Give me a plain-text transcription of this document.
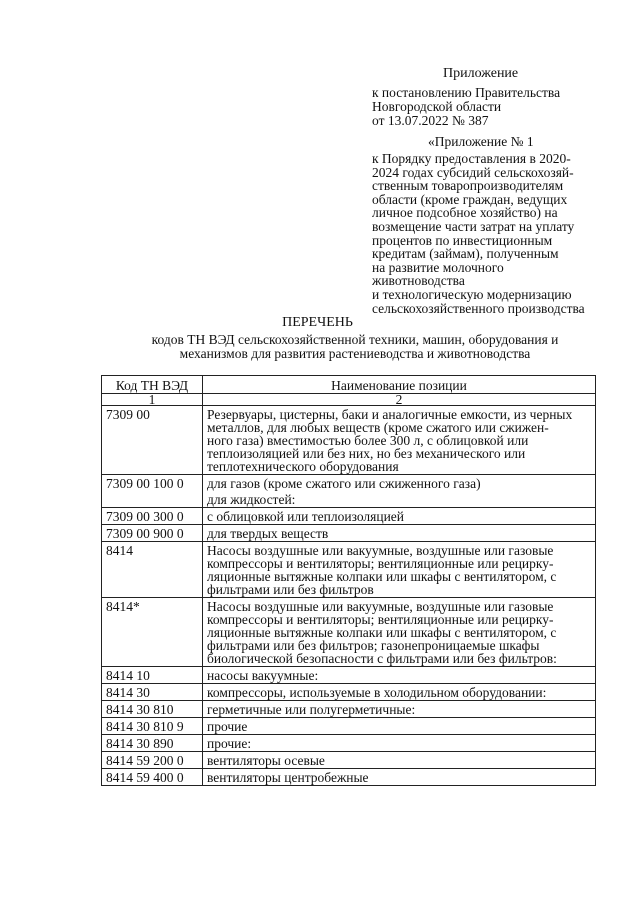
Приложение

к постановлению Правительства

Новгородской области

от 13.07.2022 № 387

«Приложение № 1

к Порядку предоставления в 2020-

2024 годах субсидий сельскохозяй-

ственным товаропроизводителям

области (кроме граждан, ведущих

личное подсобное хозяйство) на

возмещение части затрат на уплату

процентов по инвестиционным

кредитам (займам), полученным

на развитие молочного животноводства

и технологическую модернизацию

сельскохозяйственного производства

ПЕРЕЧЕНЬ
кодов ТН ВЭД сельскохозяйственной техники, машин, оборудования и
механизмов для развития растениеводства и животноводства
Код ТН ВЭД	Наименование позиции
1	2
7309 00	Резервуары, цистерны, баки и аналогичные емкости, из черных
металлов, для любых веществ (кроме сжатого или сжижен-
ного газа) вместимостью более 300 л, с облицовкой или
теплоизоляцией или без них, но без механического или
теплотехнического оборудования

7309 00 100 0	для газов (кроме сжатого или сжиженного газа)

	для жидкостей:

7309 00 300 0	с облицовкой или теплоизоляцией

7309 00 900 0	для твердых веществ

8414	Насосы воздушные или вакуумные, воздушные или газовые
компрессоры и вентиляторы; вентиляционные или рецирку-
ляционные вытяжные колпаки или шкафы с вентилятором, с
фильтрами или без фильтров

8414*	Насосы воздушные или вакуумные, воздушные или газовые
компрессоры и вентиляторы; вентиляционные или рецирку-
ляционные вытяжные колпаки или шкафы с вентилятором, с
фильтрами или без фильтров; газонепроницаемые шкафы
биологической безопасности с фильтрами или без фильтров:

8414 10	насосы вакуумные:

8414 30	компрессоры, используемые в холодильном оборудовании:

8414 30 810	герметичные или полугерметичные:

8414 30 810 9	прочие

8414 30 890	прочие:

8414 59 200 0	вентиляторы осевые

8414 59 400 0	вентиляторы центробежные
